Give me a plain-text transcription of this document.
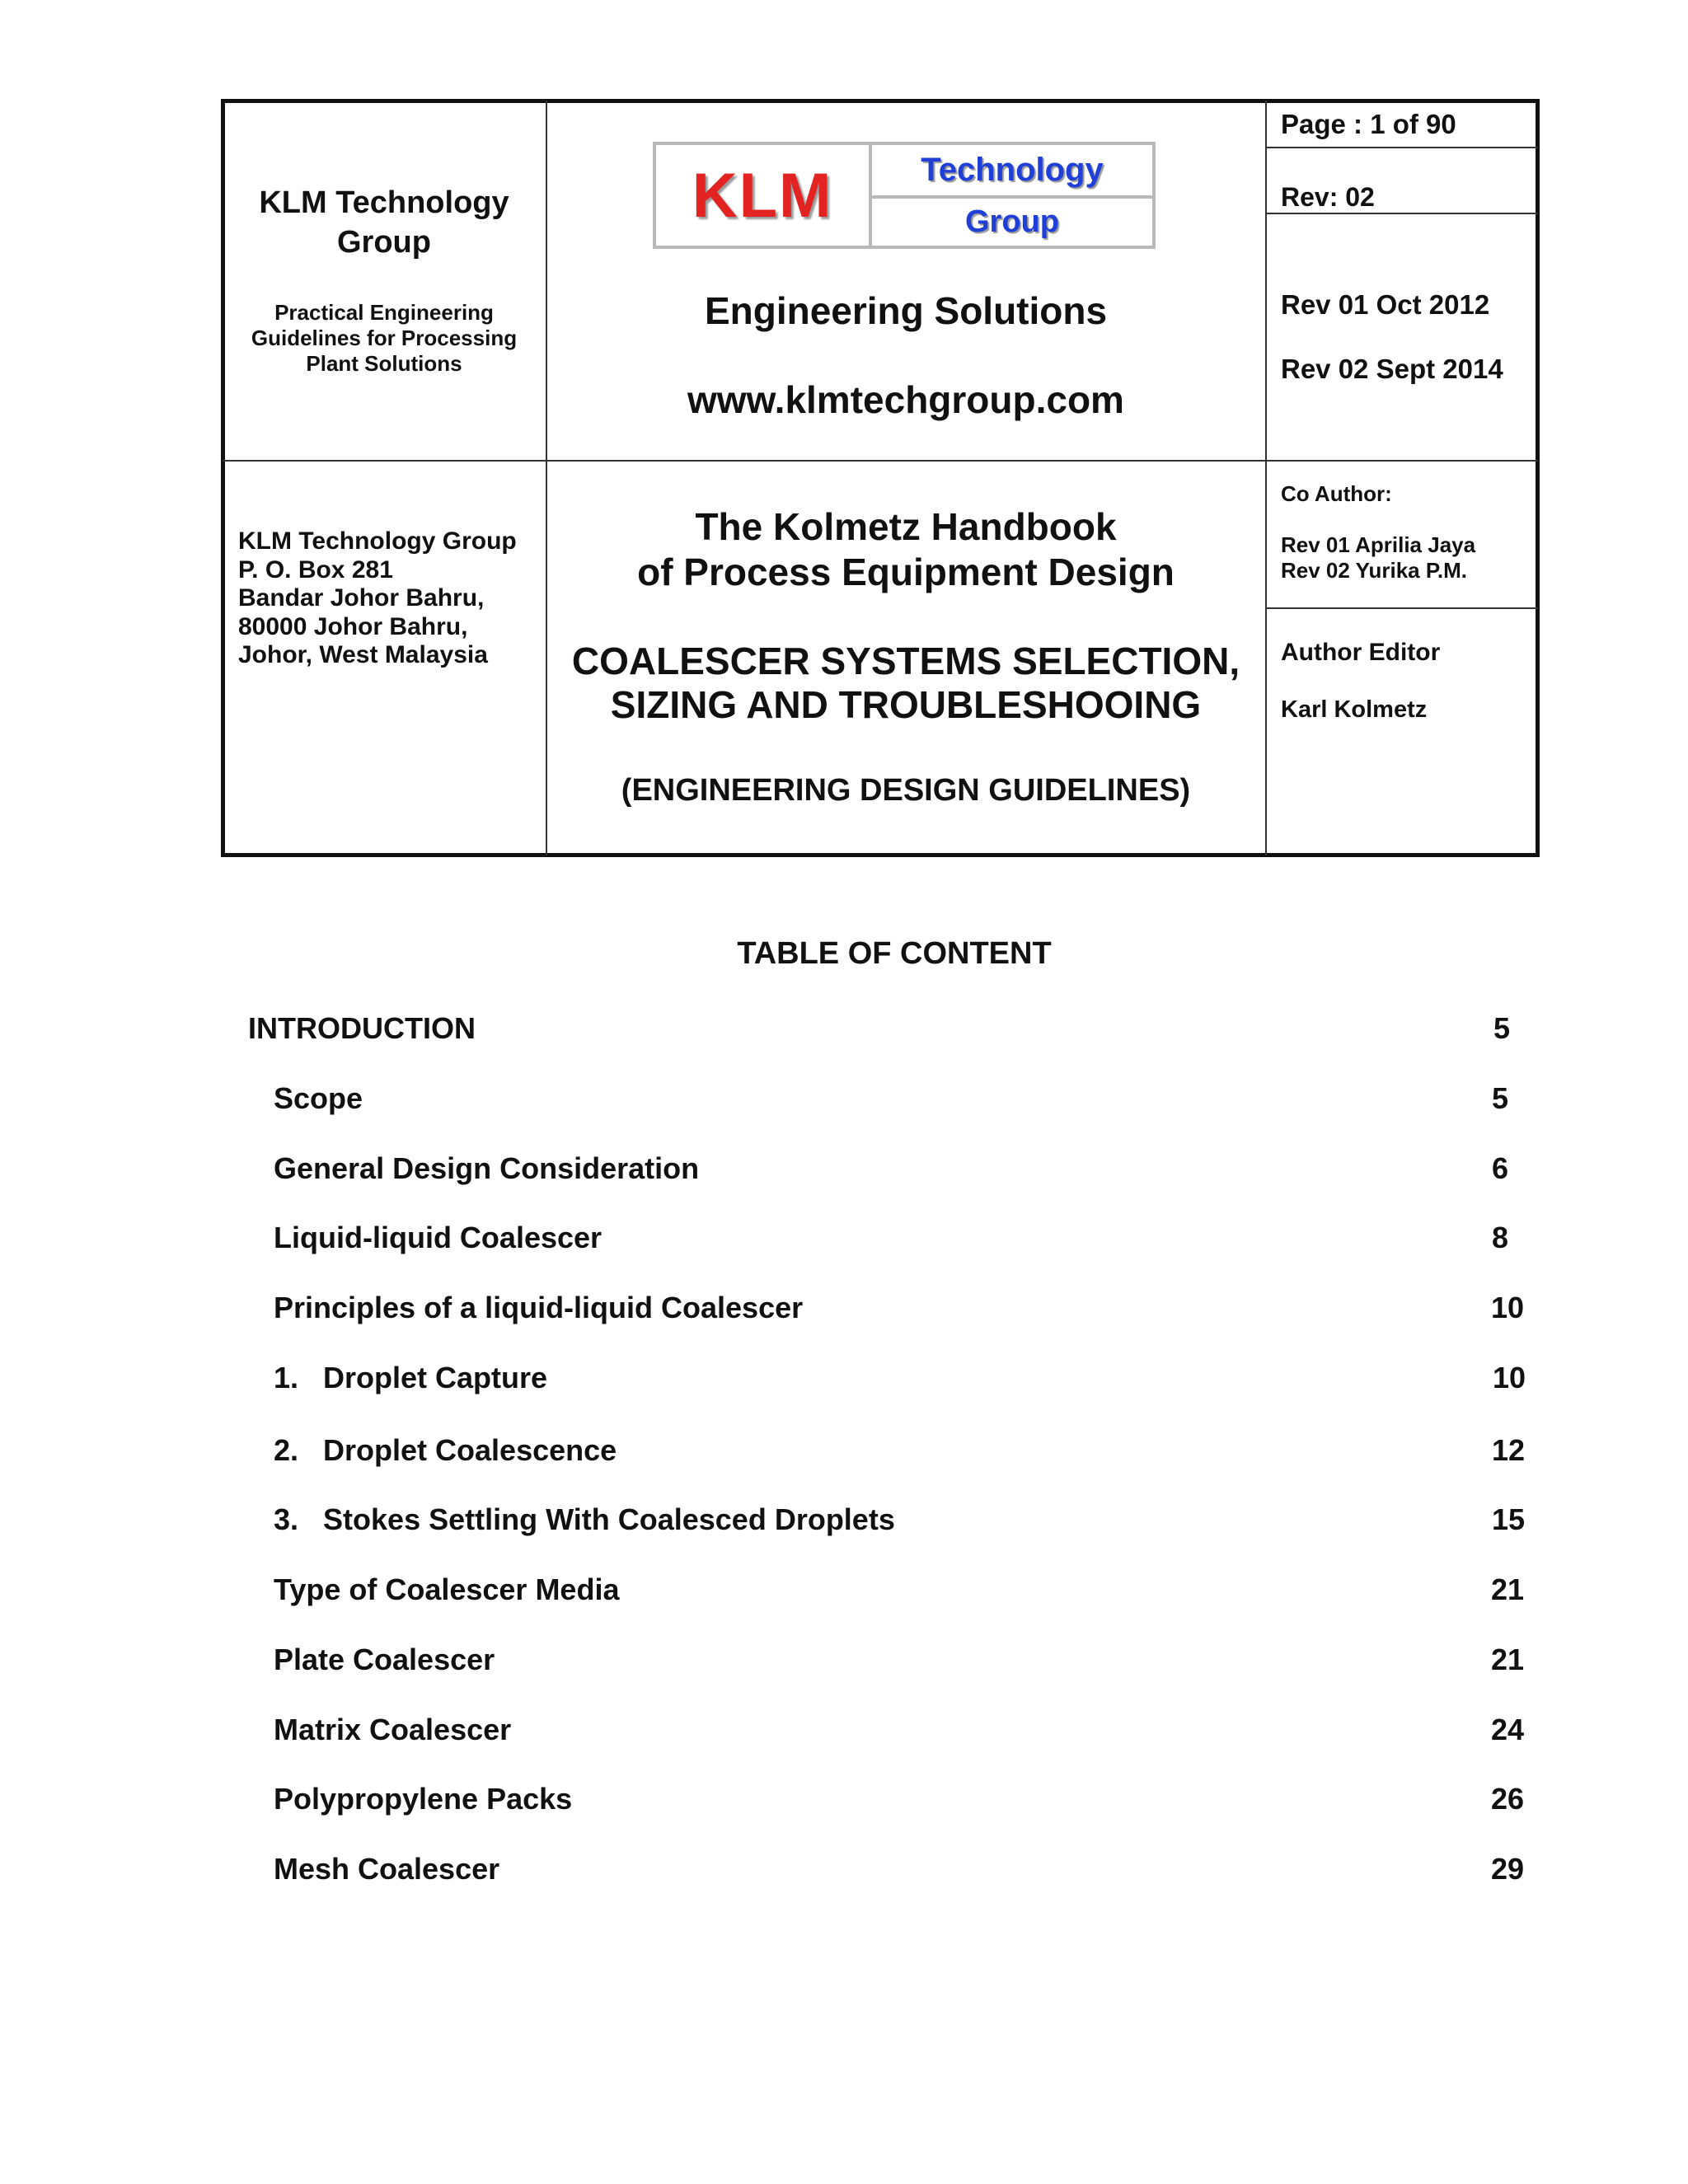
KLM Technology Group
Practical Engineering Guidelines for Processing Plant Solutions
KLM	Technology
Group
Engineering Solutions
www.klmtechgroup.com
Page : 1 of 90
Rev: 02
Rev 01 Oct 2012
Rev 02 Sept 2014
KLM Technology Group
P. O. Box 281
Bandar Johor Bahru,
80000 Johor Bahru,
Johor, West Malaysia
The Kolmetz Handbook
of Process Equipment Design
COALESCER SYSTEMS SELECTION,
SIZING AND TROUBLESHOOING
(ENGINEERING DESIGN GUIDELINES)
Co Author:
Rev 01 Aprilia Jaya
Rev 02 Yurika P.M.
Author Editor
Karl Kolmetz
TABLE OF CONTENT
INTRODUCTION	5
Scope	5
General Design Consideration	6
Liquid-liquid Coalescer	8
Principles of a liquid-liquid Coalescer	10
1.   Droplet Capture	10
2.   Droplet Coalescence	12
3.   Stokes Settling With Coalesced Droplets	15
Type of Coalescer Media	21
Plate Coalescer	21
Matrix Coalescer	24
Polypropylene Packs	26
Mesh Coalescer	29
